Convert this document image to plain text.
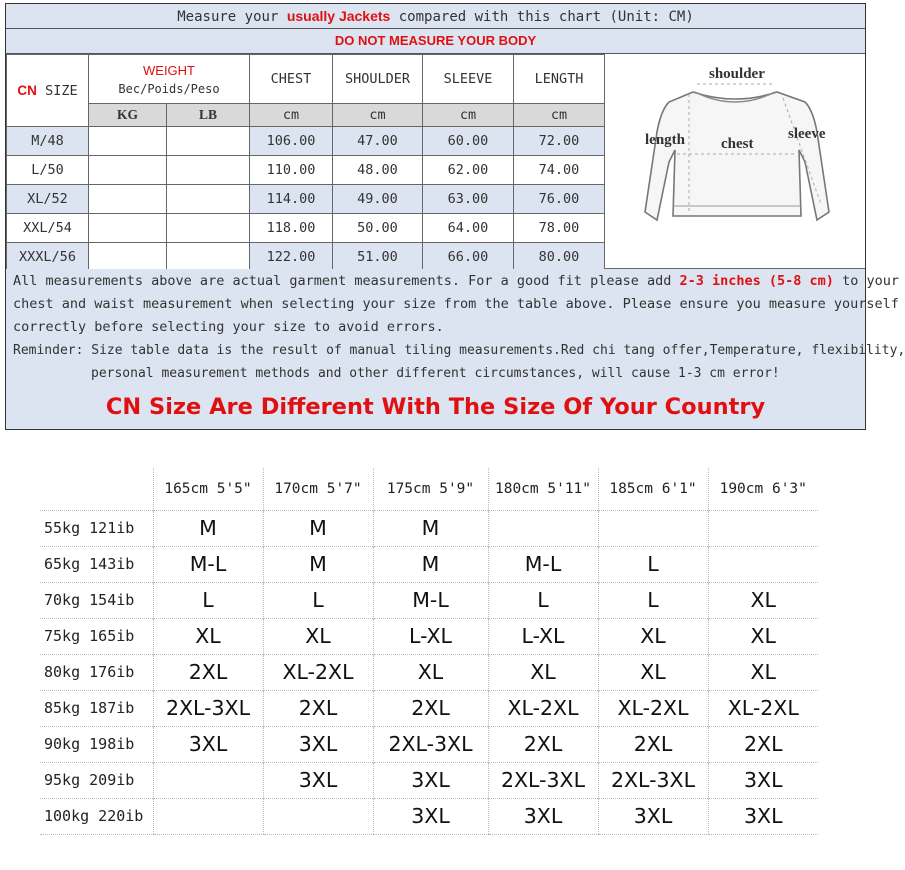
Measure your usually Jackets compared with this chart (Unit: CM)
DO NOT MEASURE YOUR BODY
CN SIZE	WEIGHT
Вес/Poids/Peso		CHEST	SHOULDER	SLEEVE	LENGTH
	KG	LB	cm	cm	cm	cm
M/48			106.00	47.00	60.00	72.00
L/50			110.00	48.00	62.00	74.00
XL/52			114.00	49.00	63.00	76.00
XXL/54			118.00	50.00	64.00	78.00
XXXL/56			122.00	51.00	66.00	80.00
shoulder
length chest
sleeve
All measurements above are actual garment measurements. For a good fit please add 2-3 inches (5-8 cm) to your
chest and waist measurement when selecting your size from the table above. Please ensure you measure yourself
correctly before selecting your size to avoid errors.
Reminder: Size table data is the result of manual tiling measurements.Red chi tang offer,Temperature, flexibility,
personal measurement methods and other different circumstances, will cause 1-3 cm error!
CN Size Are Different With The Size Of Your Country
	165cm 5'5"	170cm 5'7"	175cm 5'9"	180cm 5'11"	185cm 6'1"	190cm 6'3"
55kg 121ib	M	M	M			
65kg 143ib	M-L	M	M	M-L	L	
70kg 154ib	L	L	M-L	L	L	XL
75kg 165ib	XL	XL	L-XL	L-XL	XL	XL
80kg 176ib	2XL	XL-2XL	XL	XL	XL	XL
85kg 187ib	2XL-3XL	2XL	2XL	XL-2XL	XL-2XL	XL-2XL
90kg 198ib	3XL	3XL	2XL-3XL	2XL	2XL	2XL
95kg 209ib		3XL	3XL	2XL-3XL	2XL-3XL	3XL
100kg 220ib			3XL	3XL	3XL	3XL
